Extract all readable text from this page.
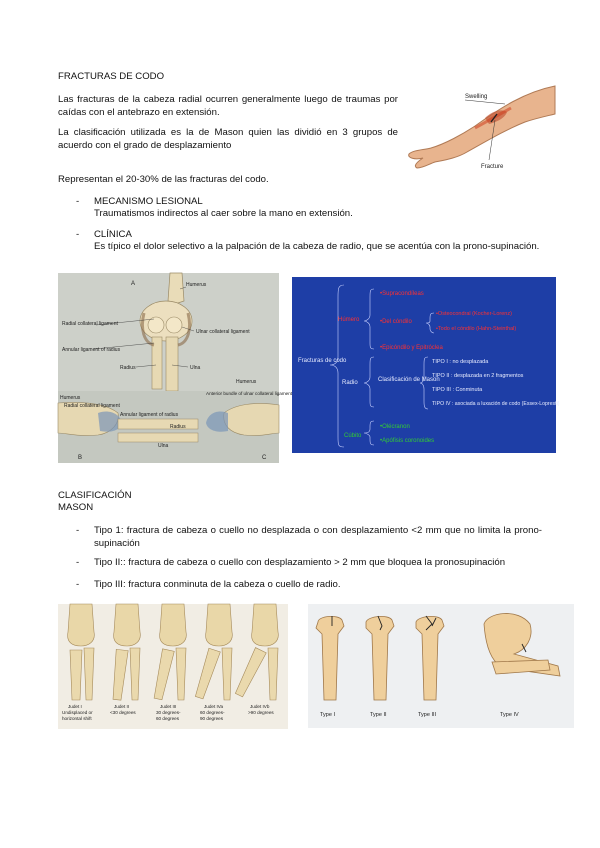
FRACTURAS DE CODO
Las fracturas de la cabeza radial ocurren generalmente luego de traumas por caídas con el antebrazo en extensión.
La clasificación utilizada es la de Mason quien las dividió en 3 grupos de acuerdo con el grado de desplazamiento
Representan el 20-30% de las fracturas del codo.
- MECANISMO LESIONAL
Traumatismos indirectos al caer sobre la mano en extensión.
- CLÍNICA
Es típico el dolor selectivo a la palpación de la cabeza de radio, que se acentúa con la prono-supinación.
Swelling
Fracture
A	Humerus
Radial collateral ligament
Ulnar collateral ligament
Annular ligament of radius
Radius	Ulna
Humerus
Humerus
Radial collateral ligament
Anterior bundle of ulnar collateral ligament
Annular ligament of radius
Radius
Ulna
B	C
Fracturas de codo
Húmero
•Supracondíleas
•Del cóndilo
•Osteocondral (Kocher-Lorenz)
•Todo el cóndilo (Hahn-Steinthal)
•Epicóndilo y Epitróclea
Radio	Clasificación de Mason
TIPO I : no desplazada
TIPO II : desplazada en 2 fragmentos
TIPO III : Conminuta
TIPO IV : asociada a luxación de codo (Essex-Lopresti)
Cúbito
•Olécranon
•Apófisis coronoides
CLASIFICACIÓN
MASON
- Tipo 1: fractura de cabeza o cuello no desplazada o con desplazamiento <2 mm que no limita la prono-supinación
- Tipo II:: fractura de cabeza o cuello con desplazamiento > 2 mm que bloquea la pronosupinación
- Tipo III: fractura conminuta de la cabeza o cuello de radio.
Judet I
Undisplaced or
horizontal shift
Judet II
<30 degrees
Judet III
30 degrees-
60 degrees
Judet IVa
60 degrees-
90 degrees
Judet IVb
>90 degrees	Type I	Type II	Type III	Type IV
